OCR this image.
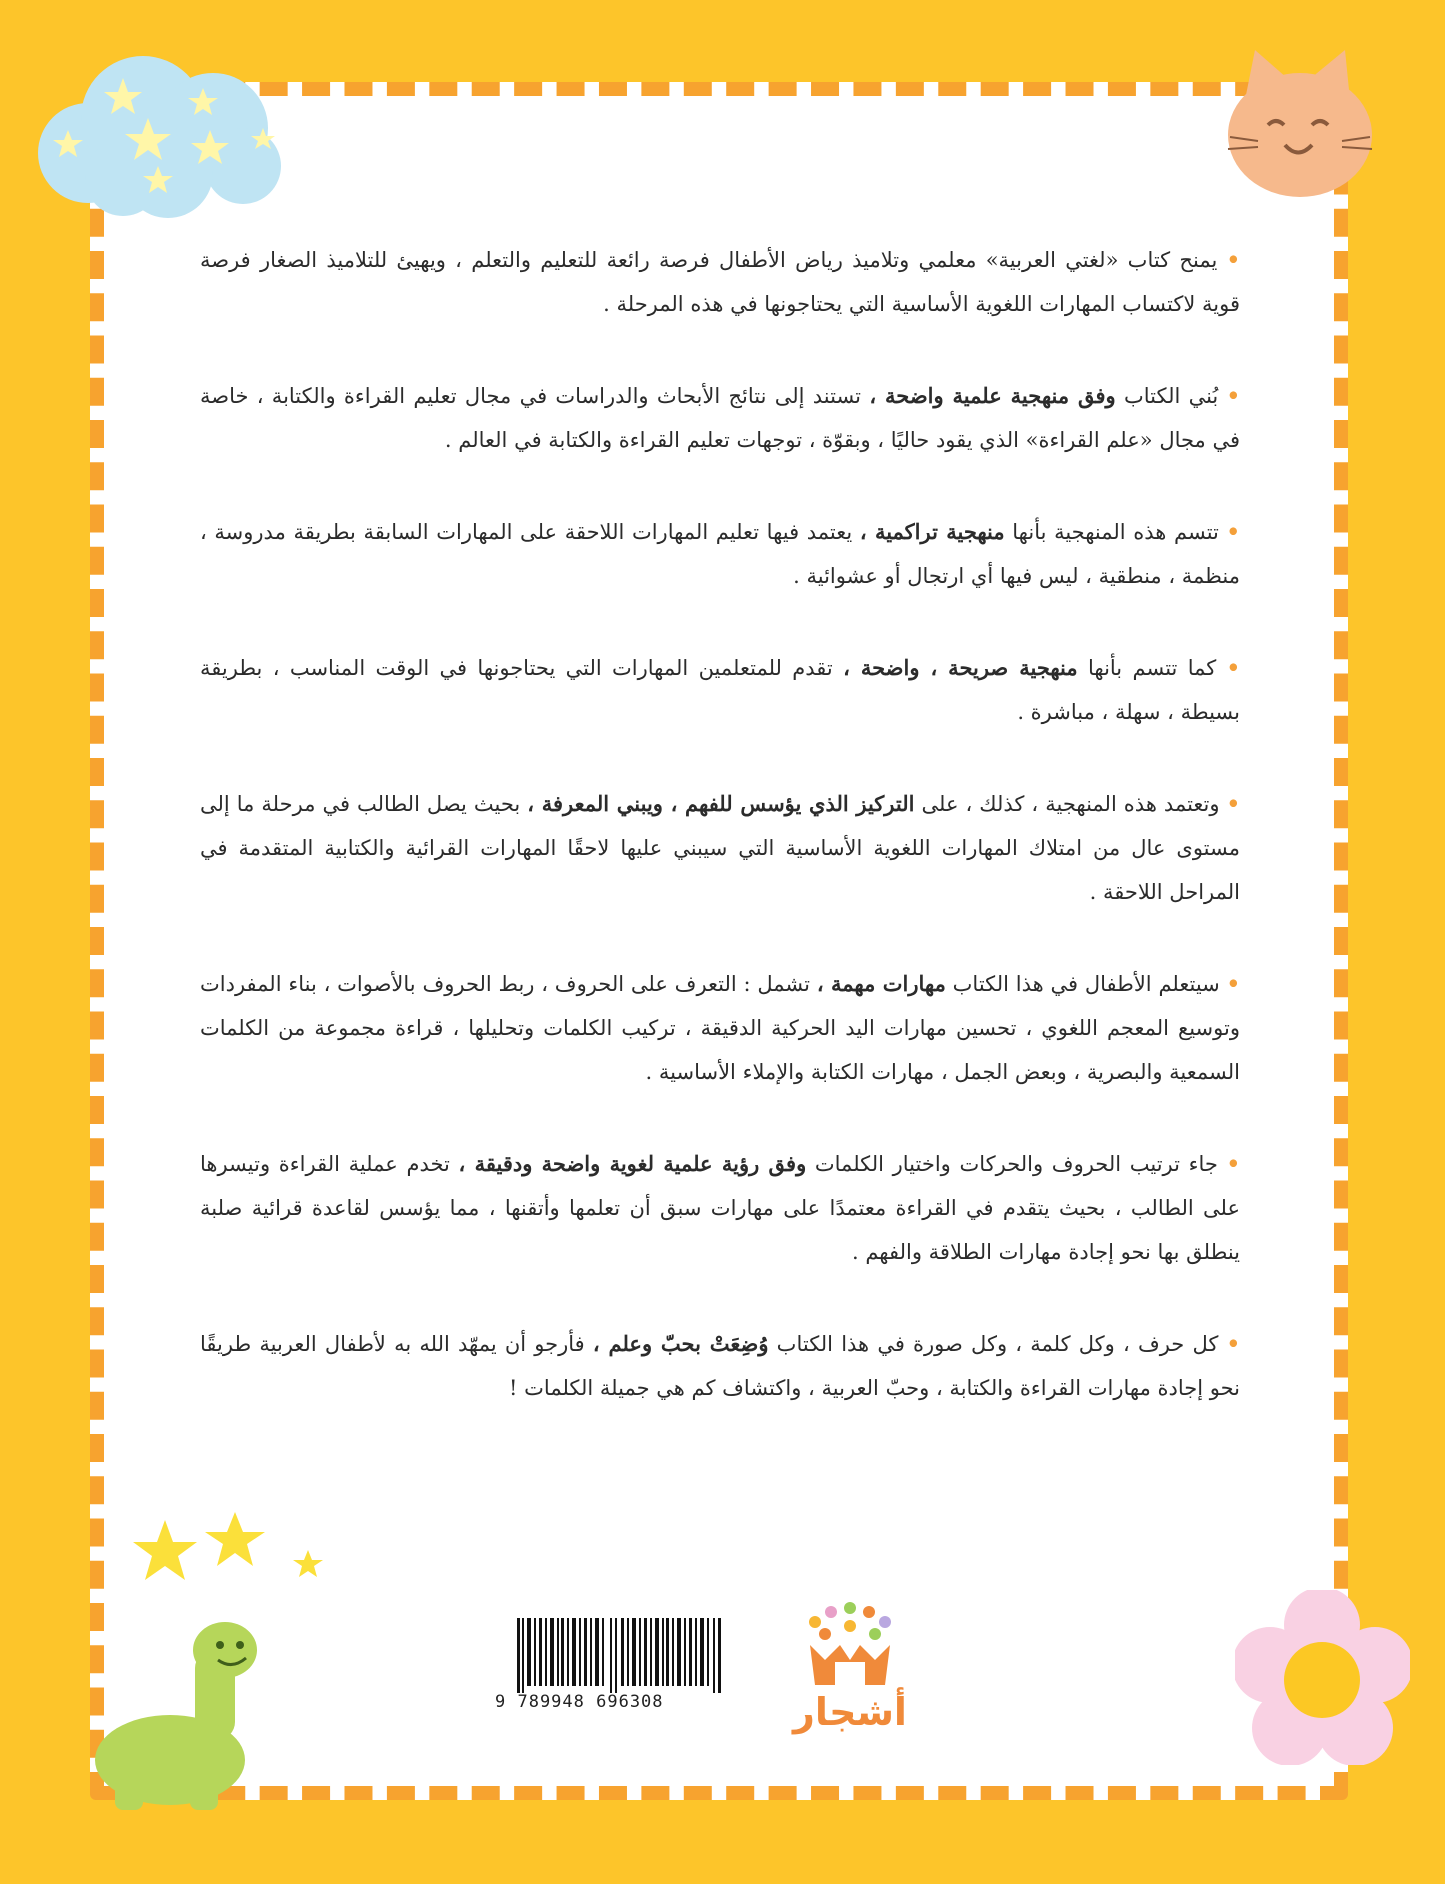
• يمنح كتاب «لغتي العربية» معلمي وتلاميذ رياض الأطفال فرصة رائعة للتعليم والتعلم ، ويهيئ للتلاميذ الصغار فرصة قوية لاكتساب المهارات اللغوية الأساسية التي يحتاجونها في هذه المرحلة .

• بُني الكتاب وفق منهجية علمية واضحة ، تستند إلى نتائج الأبحاث والدراسات في مجال تعليم القراءة والكتابة ، خاصة في مجال «علم القراءة» الذي يقود حاليًا ، وبقوّة ، توجهات تعليم القراءة والكتابة في العالم .

• تتسم هذه المنهجية بأنها منهجية تراكمية ، يعتمد فيها تعليم المهارات اللاحقة على المهارات السابقة بطريقة مدروسة ، منظمة ، منطقية ، ليس فيها أي ارتجال أو عشوائية .

• كما تتسم بأنها منهجية صريحة ، واضحة ، تقدم للمتعلمين المهارات التي يحتاجونها في الوقت المناسب ، بطريقة بسيطة ، سهلة ، مباشرة .

• وتعتمد هذه المنهجية ، كذلك ، على التركيز الذي يؤسس للفهم ، ويبني المعرفة ، بحيث يصل الطالب في مرحلة ما إلى مستوى عال من امتلاك المهارات اللغوية الأساسية التي سيبني عليها لاحقًا المهارات القرائية والكتابية المتقدمة في المراحل اللاحقة .

• سيتعلم الأطفال في هذا الكتاب مهارات مهمة ، تشمل : التعرف على الحروف ، ربط الحروف بالأصوات ، بناء المفردات وتوسيع المعجم اللغوي ، تحسين مهارات اليد الحركية الدقيقة ، تركيب الكلمات وتحليلها ، قراءة مجموعة من الكلمات السمعية والبصرية ، وبعض الجمل ، مهارات الكتابة والإملاء الأساسية .

• جاء ترتيب الحروف والحركات واختيار الكلمات وفق رؤية علمية لغوية واضحة ودقيقة ، تخدم عملية القراءة وتيسرها على الطالب ، بحيث يتقدم في القراءة معتمدًا على مهارات سبق أن تعلمها وأتقنها ، مما يؤسس لقاعدة قرائية صلبة ينطلق بها نحو إجادة مهارات الطلاقة والفهم .

• كل حرف ، وكل كلمة ، وكل صورة في هذا الكتاب وُضِعَتْ بحبّ وعلم ، فأرجو أن يمهّد الله به لأطفال العربية طريقًا نحو إجادة مهارات القراءة والكتابة ، وحبّ العربية ، واكتشاف كم هي جميلة الكلمات !

9 789948 696308	أشجار
